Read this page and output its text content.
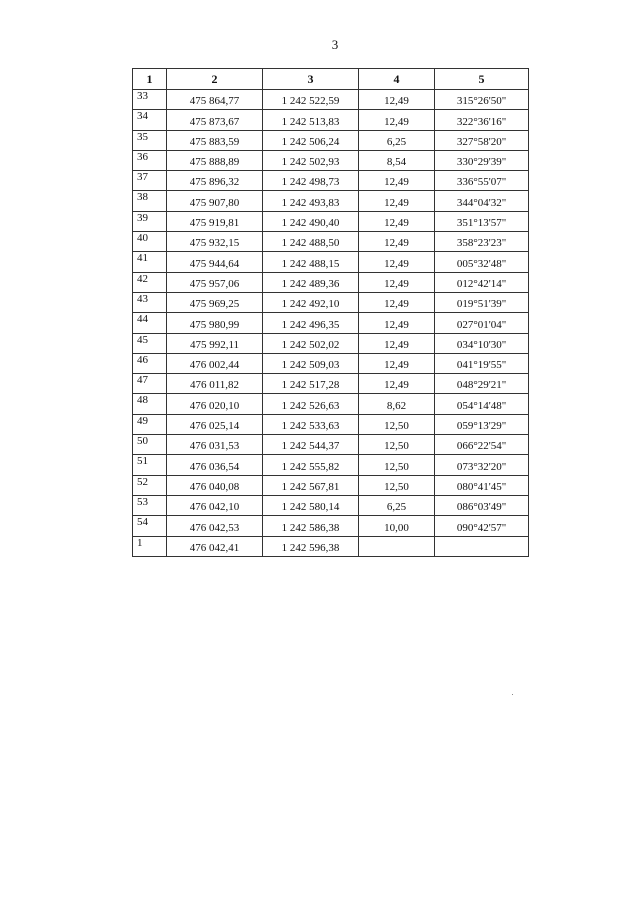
3
1	2	3	4	5
33	475 864,77	1 242 522,59	12,49	315°26'50"
34	475 873,67	1 242 513,83	12,49	322°36'16"
35	475 883,59	1 242 506,24	6,25	327°58'20"
36	475 888,89	1 242 502,93	8,54	330°29'39"
37	475 896,32	1 242 498,73	12,49	336°55'07"
38	475 907,80	1 242 493,83	12,49	344°04'32"
39	475 919,81	1 242 490,40	12,49	351°13'57"
40	475 932,15	1 242 488,50	12,49	358°23'23"
41	475 944,64	1 242 488,15	12,49	005°32'48"
42	475 957,06	1 242 489,36	12,49	012°42'14"
43	475 969,25	1 242 492,10	12,49	019°51'39"
44	475 980,99	1 242 496,35	12,49	027°01'04"
45	475 992,11	1 242 502,02	12,49	034°10'30"
46	476 002,44	1 242 509,03	12,49	041°19'55"
47	476 011,82	1 242 517,28	12,49	048°29'21"
48	476 020,10	1 242 526,63	8,62	054°14'48"
49	476 025,14	1 242 533,63	12,50	059°13'29"
50	476 031,53	1 242 544,37	12,50	066°22'54"
51	476 036,54	1 242 555,82	12,50	073°32'20"
52	476 040,08	1 242 567,81	12,50	080°41'45"
53	476 042,10	1 242 580,14	6,25	086°03'49"
54	476 042,53	1 242 586,38	10,00	090°42'57"
1	476 042,41	1 242 596,38		
